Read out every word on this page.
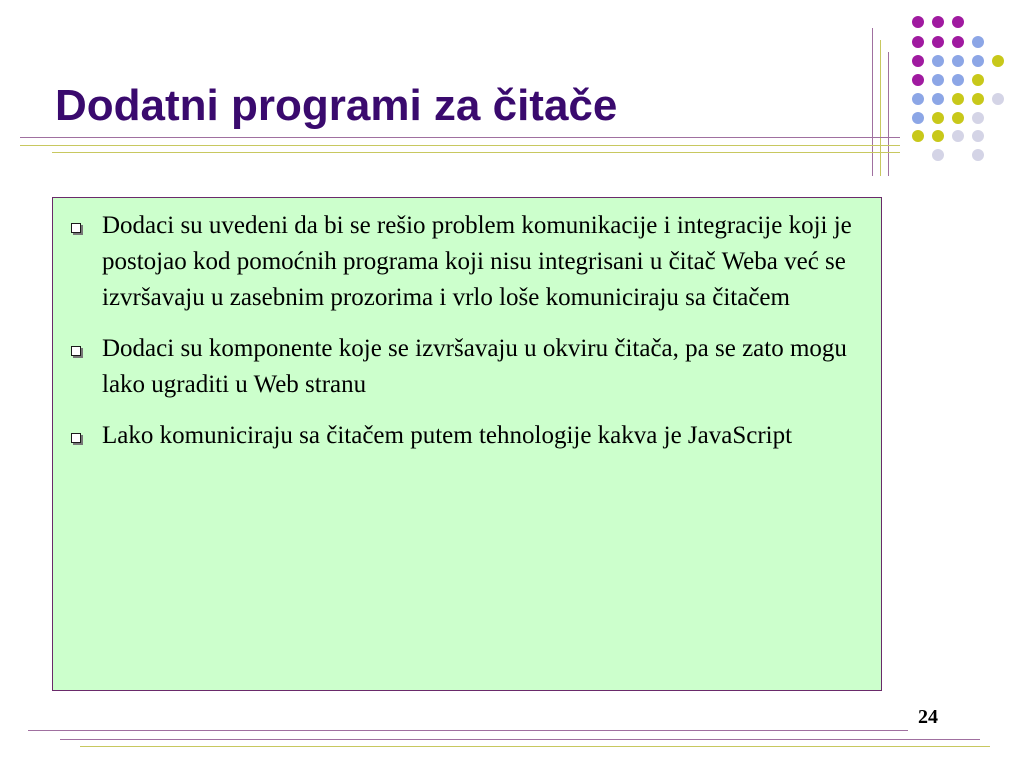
Dodatni programi za čitače
Dodaci su uvedeni da bi se rešio problem komunikacije i integracije koji je postojao kod pomoćnih programa koji nisu integrisani u čitač Weba već se izvršavaju u zasebnim prozorima i vrlo loše komuniciraju sa čitačem
Dodaci su komponente koje se izvršavaju u okviru čitača, pa se zato mogu lako ugraditi u Web stranu
Lako komuniciraju sa čitačem putem tehnologije kakva je JavaScript
24
